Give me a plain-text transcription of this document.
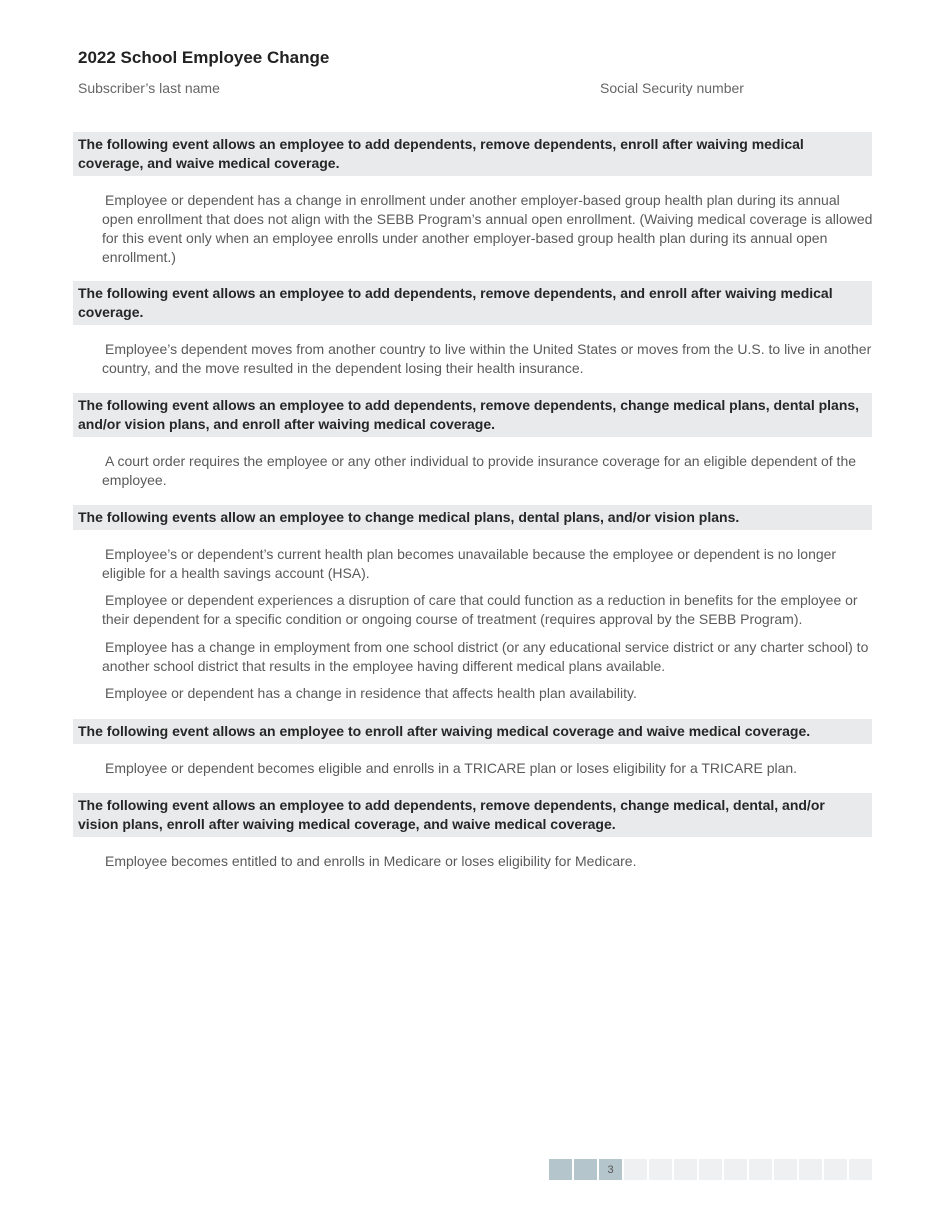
2022 School Employee Change
Subscriber’s last name	Social Security number
The following event allows an employee to add dependents, remove dependents, enroll after waiving medical coverage, and waive medical coverage.
Employee or dependent has a change in enrollment under another employer-based group health plan during its annual open enrollment that does not align with the SEBB Program’s annual open enrollment. (Waiving medical coverage is allowed for this event only when an employee enrolls under another employer-based group health plan during its annual open enrollment.)
The following event allows an employee to add dependents, remove dependents, and enroll after waiving medical coverage.
Employee’s dependent moves from another country to live within the United States or moves from the U.S. to live in another country, and the move resulted in the dependent losing their health insurance.
The following event allows an employee to add dependents, remove dependents, change medical plans, dental plans, and/or vision plans, and enroll after waiving medical coverage.
A court order requires the employee or any other individual to provide insurance coverage for an eligible dependent of the employee.
The following events allow an employee to change medical plans, dental plans, and/or vision plans.
Employee’s or dependent’s current health plan becomes unavailable because the employee or dependent is no longer eligible for a health savings account (HSA).
Employee or dependent experiences a disruption of care that could function as a reduction in benefits for the employee or their dependent for a specific condition or ongoing course of treatment (requires approval by the SEBB Program).
Employee has a change in employment from one school district (or any educational service district or any charter school) to another school district that results in the employee having different medical plans available.
Employee or dependent has a change in residence that affects health plan availability.
The following event allows an employee to enroll after waiving medical coverage and waive medical coverage.
Employee or dependent becomes eligible and enrolls in a TRICARE plan or loses eligibility for a TRICARE plan.
The following event allows an employee to add dependents, remove dependents, change medical, dental, and/or vision plans, enroll after waiving medical coverage, and waive medical coverage.
Employee becomes entitled to and enrolls in Medicare or loses eligibility for Medicare.
3
